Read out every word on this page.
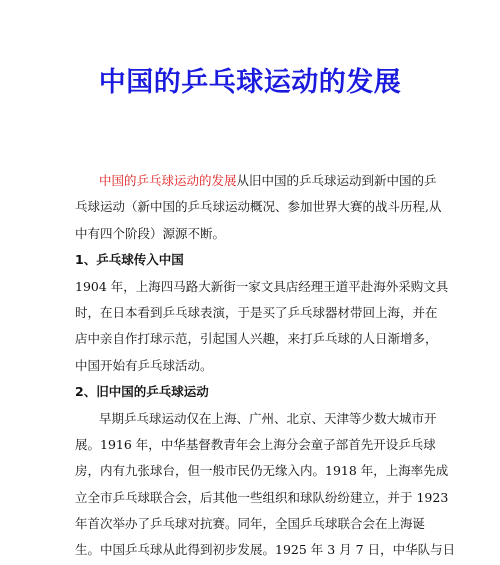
中国的乒乓球运动的发展
中国的乒乓球运动的发展从旧中国的乒乓球运动到新中国的乒
乓球运动（新中国的乒乓球运动概况、参加世界大赛的战斗历程,从
中有四个阶段）源源不断。
1、乒乓球传入中国
1904 年，上海四马路大新街一家文具店经理王道平赴海外采购文具
时，在日本看到乒乓球表演，于是买了乒乓球器材带回上海，并在
店中亲自作打球示范，引起国人兴趣，来打乒乓球的人日渐增多，
中国开始有乒乓球活动。
2、旧中国的乒乓球运动
早期乒乓球运动仅在上海、广州、北京、天津等少数大城市开
展。1916 年，中华基督教青年会上海分会童子部首先开设乒乓球
房，内有九张球台，但一般市民仍无缘入内。1918 年，上海率先成
立全市乒乓球联合会，后其他一些组织和球队纷纷建立，并于 1923
年首次举办了乒乓球对抗赛。同年，全国乒乓球联合会在上海诞
生。中国乒乓球从此得到初步发展。1925 年 3 月 7 日，中华队与日
